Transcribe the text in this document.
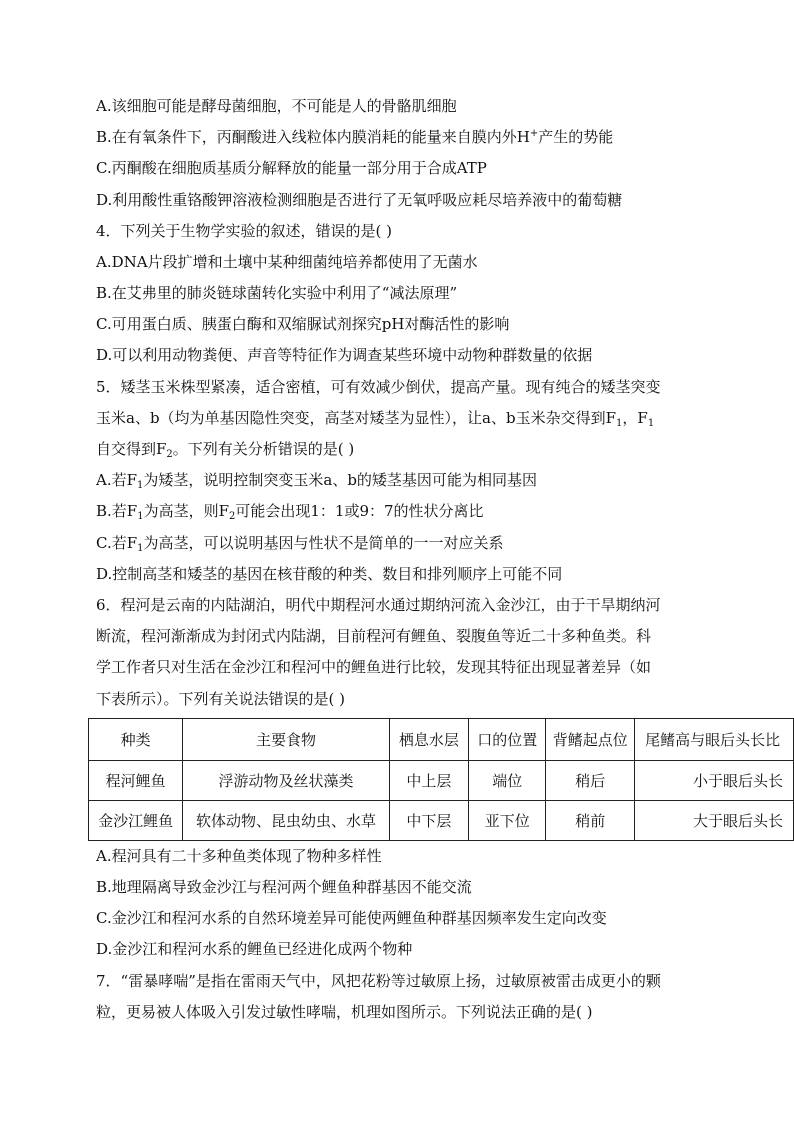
A.该细胞可能是酵母菌细胞，不可能是人的骨骼肌细胞
B.在有氧条件下，丙酮酸进入线粒体内膜消耗的能量来自膜内外H+产生的势能
C.丙酮酸在细胞质基质分解释放的能量一部分用于合成ATP
D.利用酸性重铬酸钾溶液检测细胞是否进行了无氧呼吸应耗尽培养液中的葡萄糖
4．下列关于生物学实验的叙述，错误的是( )
A.DNA片段扩增和土壤中某种细菌纯培养都使用了无菌水
B.在艾弗里的肺炎链球菌转化实验中利用了“减法原理”
C.可用蛋白质、胰蛋白酶和双缩脲试剂探究pH对酶活性的影响
D.可以利用动物粪便、声音等特征作为调查某些环境中动物种群数量的依据
5．矮茎玉米株型紧凑，适合密植，可有效减少倒伏，提高产量。现有纯合的矮茎突变
玉米a、b（均为单基因隐性突变，高茎对矮茎为显性），让a、b玉米杂交得到$F_1$，$F_1$
自交得到$F_2$。下列有关分析错误的是( )
A.若$F_1$为矮茎，说明控制突变玉米a、b的矮茎基因可能为相同基因
B.若$F_1$为高茎，则$F_2$可能会出现1：1或9：7的性状分离比
C.若$F_1$为高茎，可以说明基因与性状不是简单的一一对应关系
D.控制高茎和矮茎的基因在核苷酸的种类、数目和排列顺序上可能不同
6．程河是云南的内陆湖泊，明代中期程河水通过期纳河流入金沙江，由于干旱期纳河
断流，程河渐渐成为封闭式内陆湖，目前程河有鲤鱼、裂腹鱼等近二十多种鱼类。科
学工作者只对生活在金沙江和程河中的鲤鱼进行比较，发现其特征出现显著差异（如
下表所示）。下列有关说法错误的是( )
种类	主要食物	栖息水层	口的位置	背鳍起点位	尾鳍高与眼后头长比
程河鲤鱼	浮游动物及丝状藻类	中上层	端位	稍后	小于眼后头长
金沙江鲤鱼	软体动物、昆虫幼虫、水草	中下层	亚下位	稍前	大于眼后头长
A.程河具有二十多种鱼类体现了物种多样性
B.地理隔离导致金沙江与程河两个鲤鱼种群基因不能交流
C.金沙江和程河水系的自然环境差异可能使两鲤鱼种群基因频率发生定向改变
D.金沙江和程河水系的鲤鱼已经进化成两个物种
7．“雷暴哮喘”是指在雷雨天气中，风把花粉等过敏原上扬，过敏原被雷击成更小的颗
粒，更易被人体吸入引发过敏性哮喘，机理如图所示。下列说法正确的是( )
